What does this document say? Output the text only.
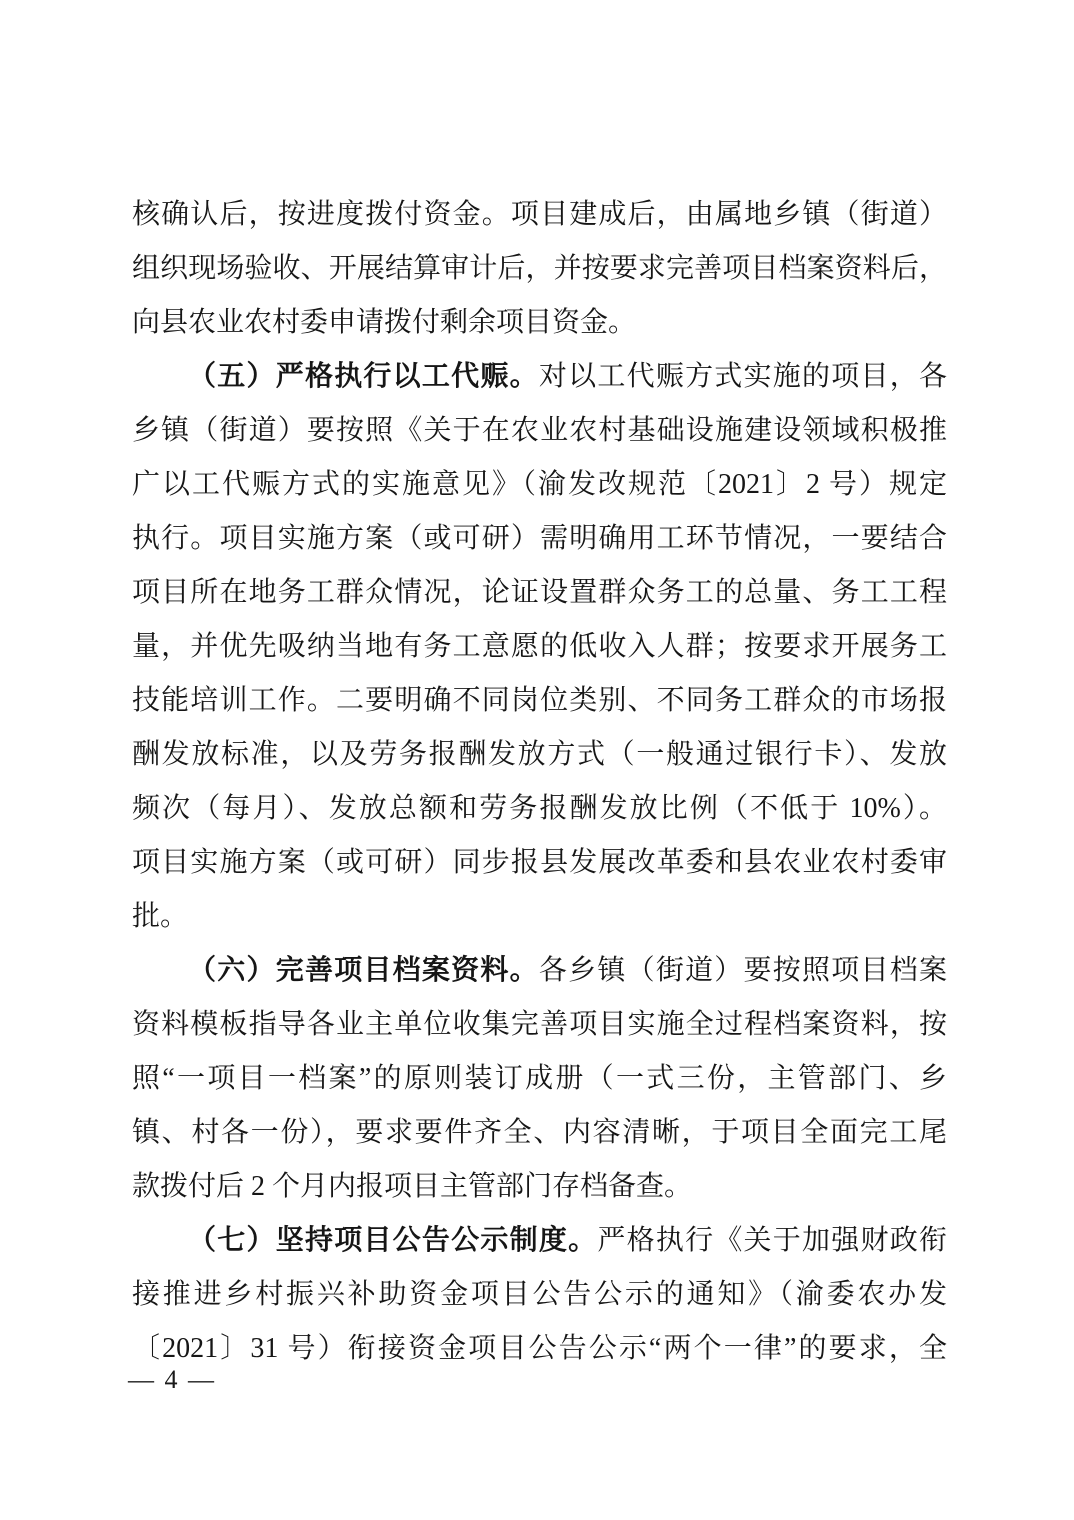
核确认后，按进度拨付资金。项目建成后，由属地乡镇（街道）
组织现场验收、开展结算审计后，并按要求完善项目档案资料后，
向县农业农村委申请拨付剩余项目资金。
（五）严格执行以工代赈。对以工代赈方式实施的项目，各
乡镇（街道）要按照《关于在农业农村基础设施建设领域积极推
广以工代赈方式的实施意见》（渝发改规范〔2021〕2 号）规定
执行。项目实施方案（或可研）需明确用工环节情况，一要结合
项目所在地务工群众情况，论证设置群众务工的总量、务工工程
量，并优先吸纳当地有务工意愿的低收入人群；按要求开展务工
技能培训工作。二要明确不同岗位类别、不同务工群众的市场报
酬发放标准，以及劳务报酬发放方式（一般通过银行卡）、发放
频次（每月）、发放总额和劳务报酬发放比例（不低于 10%）。
项目实施方案（或可研）同步报县发展改革委和县农业农村委审
批。
（六）完善项目档案资料。各乡镇（街道）要按照项目档案
资料模板指导各业主单位收集完善项目实施全过程档案资料，按
照“一项目一档案”的原则装订成册（一式三份，主管部门、乡
镇、村各一份），要求要件齐全、内容清晰，于项目全面完工尾
款拨付后 2 个月内报项目主管部门存档备查。
（七）坚持项目公告公示制度。严格执行《关于加强财政衔
接推进乡村振兴补助资金项目公告公示的通知》（渝委农办发
〔2021〕31 号）衔接资金项目公告公示“两个一律”的要求，全
— 4 —
